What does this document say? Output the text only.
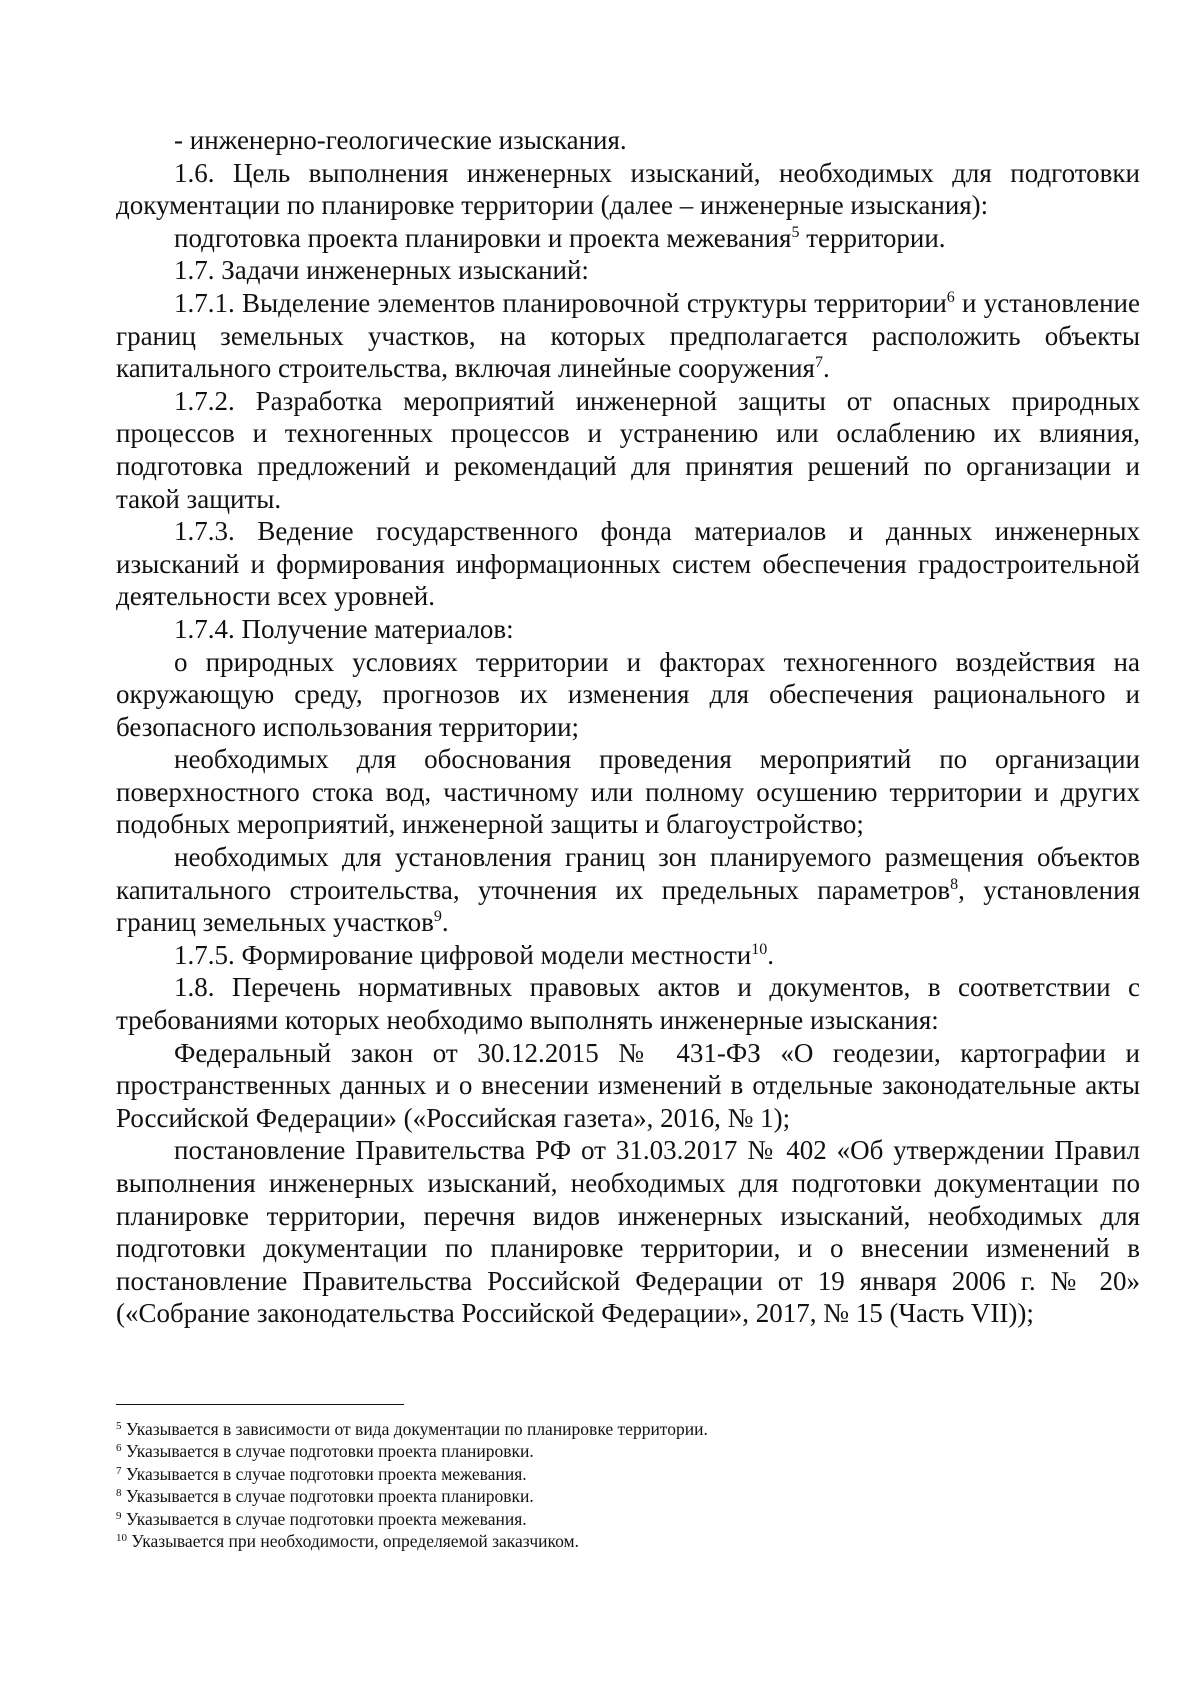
- инженерно-геологические изыскания.

1.6. Цель выполнения инженерных изысканий, необходимых для подготовки документации по планировке территории (далее – инженерные изыскания):

подготовка проекта планировки и проекта межевания$^5$ территории.

1.7. Задачи инженерных изысканий:

1.7.1. Выделение элементов планировочной структуры территории$^6$ и установление границ земельных участков, на которых предполагается расположить объекты капитального строительства, включая линейные сооружения$^7$.

1.7.2. Разработка мероприятий инженерной защиты от опасных природных процессов и техногенных процессов и устранению или ослаблению их влияния, подготовка предложений и рекомендаций для принятия решений по организации и такой защиты.

1.7.3. Ведение государственного фонда материалов и данных инженерных изысканий и формирования информационных систем обеспечения градостроительной деятельности всех уровней.

1.7.4. Получение материалов:

о природных условиях территории и факторах техногенного воздействия на окружающую среду, прогнозов их изменения для обеспечения рационального и безопасного использования территории;

необходимых для обоснования проведения мероприятий по организации поверхностного стока вод, частичному или полному осушению территории и других подобных мероприятий, инженерной защиты и благоустройство;

необходимых для установления границ зон планируемого размещения объектов капитального строительства, уточнения их предельных параметров$^8$, установления границ земельных участков$^9$.

1.7.5. Формирование цифровой модели местности$^{10}$.

1.8. Перечень нормативных правовых актов и документов, в соответствии с требованиями которых необходимо выполнять инженерные изыскания:

Федеральный закон от 30.12.2015 № 431-ФЗ «О геодезии, картографии и пространственных данных и о внесении изменений в отдельные законодательные акты Российской Федерации» («Российская газета», 2016, № 1);

постановление Правительства РФ от 31.03.2017 № 402 «Об утверждении Правил выполнения инженерных изысканий, необходимых для подготовки документации по планировке территории, перечня видов инженерных изысканий, необходимых для подготовки документации по планировке территории, и о внесении изменений в постановление Правительства Российской Федерации от 19 января 2006 г. № 20» («Собрание законодательства Российской Федерации», 2017, № 15 (Часть VII));

$^5$ Указывается в зависимости от вида документации по планировке территории.

$^6$ Указывается в случае подготовки проекта планировки.

$^7$ Указывается в случае подготовки проекта межевания.

$^8$ Указывается в случае подготовки проекта планировки.

$^9$ Указывается в случае подготовки проекта межевания.

$^{10}$ Указывается при необходимости, определяемой заказчиком.
